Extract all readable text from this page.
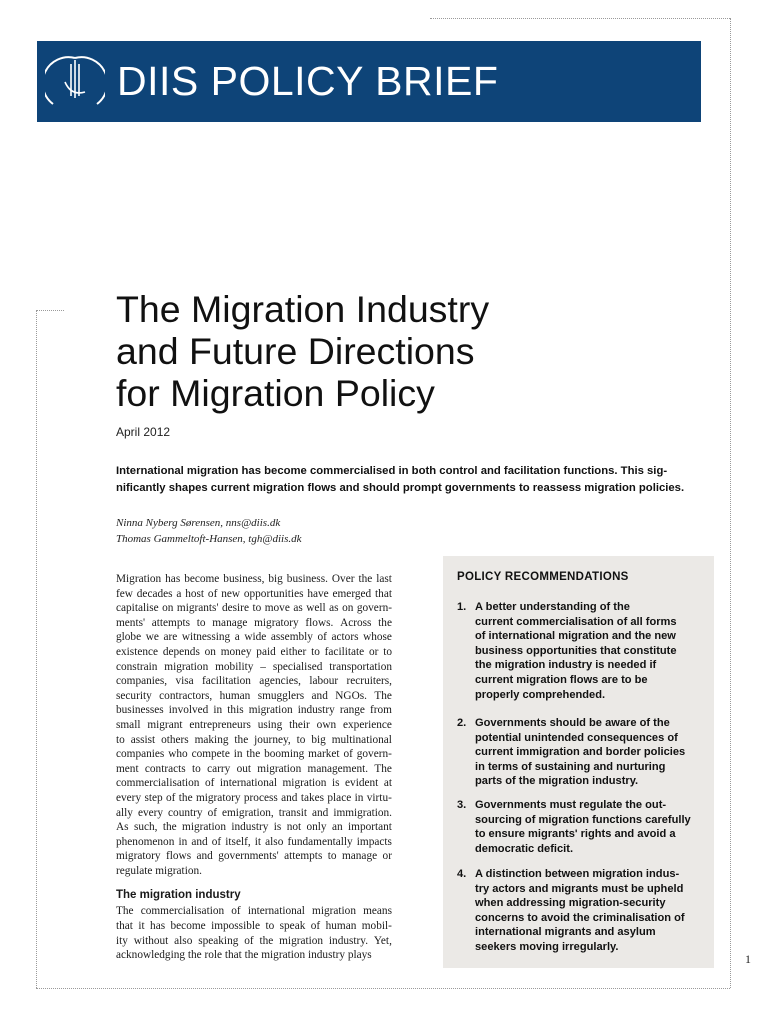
DIIS POLICY BRIEF
The Migration Industry
and Future Directions
for Migration Policy
April 2012
International migration has become commercialised in both control and facilitation functions. This sig-
nificantly shapes current migration flows and should prompt governments to reassess migration policies.
Ninna Nyberg Sørensen, nns@diis.dk
Thomas Gammeltoft-Hansen, tgh@diis.dk
Migration has become business, big business. Over the last
few decades a host of new opportunities have emerged that
capitalise on migrants' desire to move as well as on govern-
ments' attempts to manage migratory flows. Across the
globe we are witnessing a wide assembly of actors whose
existence depends on money paid either to facilitate or to
constrain migration mobility – specialised transportation
companies, visa facilitation agencies, labour recruiters,
security contractors, human smugglers and NGOs. The
businesses involved in this migration industry range from
small migrant entrepreneurs using their own experience
to assist others making the journey, to big multinational
companies who compete in the booming market of govern-
ment contracts to carry out migration management. The
commercialisation of international migration is evident at
every step of the migratory process and takes place in virtu-
ally every country of emigration, transit and immigration.
As such, the migration industry is not only an important
phenomenon in and of itself, it also fundamentally impacts
migratory flows and governments' attempts to manage or
regulate migration.
The migration industry
The commercialisation of international migration means
that it has become impossible to speak of human mobil-
ity without also speaking of the migration industry. Yet,
acknowledging the role that the migration industry plays
POLICY RECOMMENDATIONS
1. A better understanding of the
current commercialisation of all forms
of international migration and the new
business opportunities that constitute
the migration industry is needed if
current migration flows are to be
properly comprehended.
2. Governments should be aware of the
potential unintended consequences of
current immigration and border policies
in terms of sustaining and nurturing
parts of the migration industry.
3. Governments must regulate the out-
sourcing of migration functions carefully
to ensure migrants' rights and avoid a
democratic deficit.
4. A distinction between migration indus-
try actors and migrants must be upheld
when addressing migration-security
concerns to avoid the criminalisation of
international migrants and asylum
seekers moving irregularly.
1
